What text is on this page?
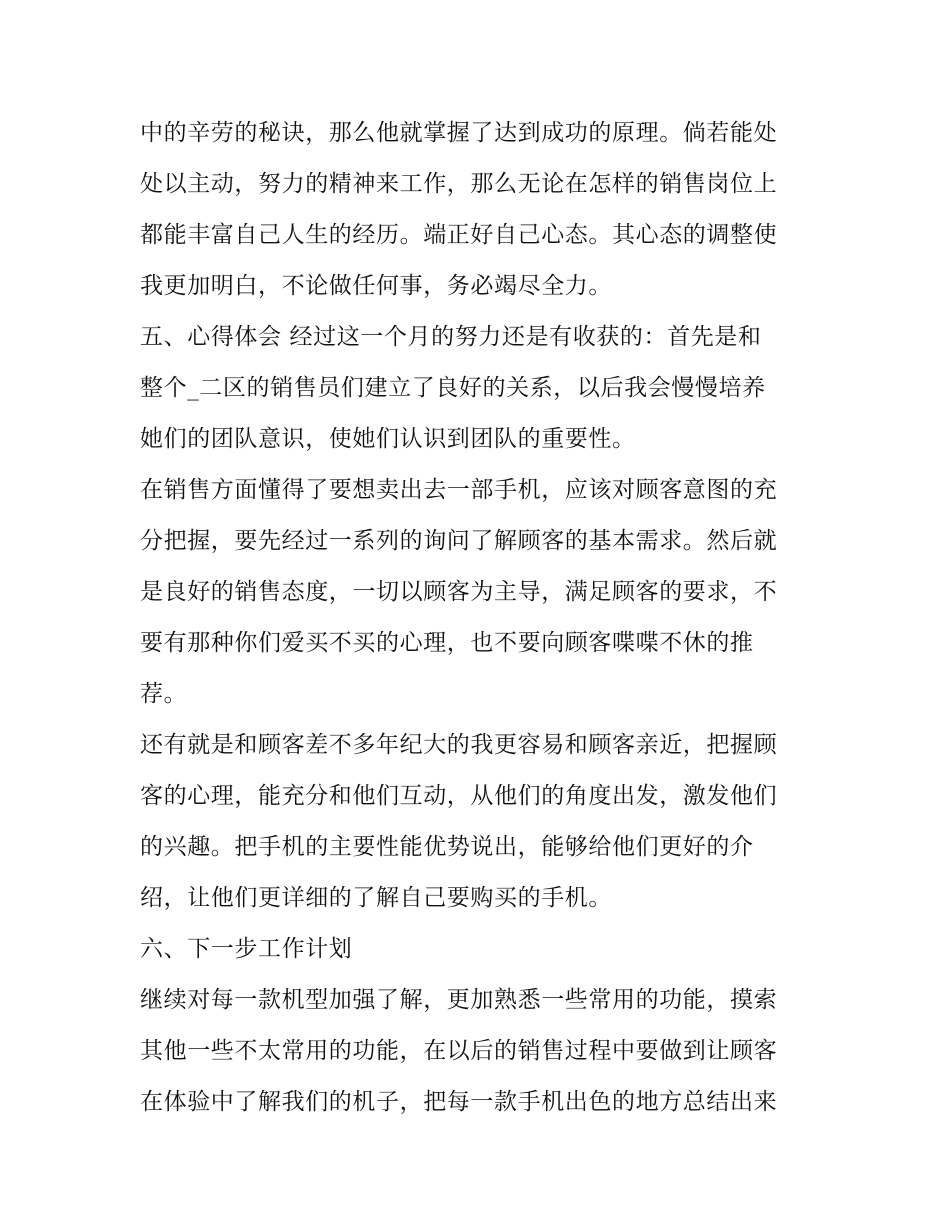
中的辛劳的秘诀，那么他就掌握了达到成功的原理。倘若能处
处以主动，努力的精神来工作，那么无论在怎样的销售岗位上
都能丰富自己人生的经历。端正好自己心态。其心态的调整使
我更加明白，不论做任何事，务必竭尽全力。
五、心得体会 经过这一个月的努力还是有收获的：首先是和
整个_二区的销售员们建立了良好的关系，以后我会慢慢培养
她们的团队意识，使她们认识到团队的重要性。
在销售方面懂得了要想卖出去一部手机，应该对顾客意图的充
分把握，要先经过一系列的询问了解顾客的基本需求。然后就
是良好的销售态度，一切以顾客为主导，满足顾客的要求，不
要有那种你们爱买不买的心理，也不要向顾客喋喋不休的推
荐。
还有就是和顾客差不多年纪大的我更容易和顾客亲近，把握顾
客的心理，能充分和他们互动，从他们的角度出发，激发他们
的兴趣。把手机的主要性能优势说出，能够给他们更好的介
绍，让他们更详细的了解自己要购买的手机。
六、下一步工作计划
继续对每一款机型加强了解，更加熟悉一些常用的功能，摸索
其他一些不太常用的功能，在以后的销售过程中要做到让顾客
在体验中了解我们的机子，把每一款手机出色的地方总结出来
